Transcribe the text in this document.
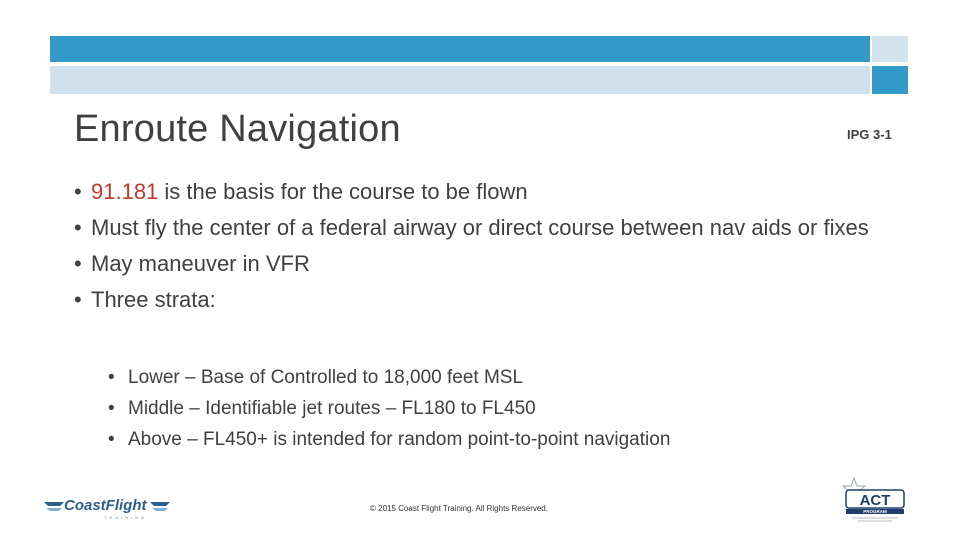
Enroute Navigation	IPG 3-1
• 91.181 is the basis for the course to be flown
• Must fly the center of a federal airway or direct course between nav aids or fixes
• May maneuver in VFR
• Three strata:
• Lower – Base of Controlled to 18,000 feet MSL
• Middle – Identifiable jet routes – FL180 to FL450
• Above – FL450+ is intended for random point-to-point navigation
© 2015 Coast Flight Training. All Rights Reserved.
CoastFlight
TRAINING
ACT
PROGRAM
